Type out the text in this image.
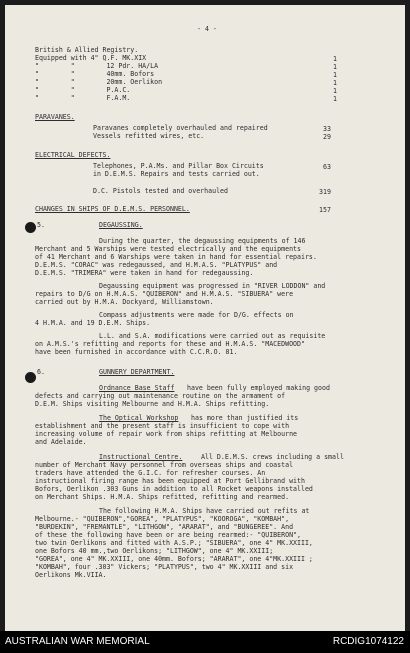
- 4 -
British & Allied Registry.
Equipped with 4" Q.F. MK.XIX	1
"        "        12 Pdr. HA/LA	1
"        "        40mm. Bofors	1
"        "        20mm. Oerlikon	1
"        "        P.A.C.	1
"        "        F.A.M.	1
PARAVANES.
Paravanes completely overhauled and repaired	33
Vessels refitted wires, etc.	29
ELECTRICAL DEFECTS.
Telephones, P.A.Ms. and Pillar Box Circuits	63
in D.E.M.S. Repairs and tests carried out.
D.C. Pistols tested and overhauled	319
CHANGES IN SHIPS OF D.E.M.S. PERSONNEL.	157
5.	DEGAUSSING.
During the quarter, the degaussing equipments of 146
Merchant and 5 Warships were tested electrically and the equipments
of 41 Merchant and 6 Warships were taken in hand for essential repairs.
D.E.M.S. "CORAC" was redegaussed, and H.M.A.S. "PLATYPUS" and
D.E.M.S. "TRIMERA" were taken in hand for redegaussing.
Degaussing equipment was progressed in "RIVER LODDON" and
repairs to D/G on H.M.A.S. "QUIBERON" and H.M.A.S. "SIBUERA" were
carried out by H.M.A. Dockyard, Williamstown.
Compass adjustments were made for D/G. effects on
4 H.M.A. and 19 D.E.M. Ships.
L.L. and S.A. modifications were carried out as requisite
on A.M.S.'s refitting and reports for these and H.M.A.S. "MACEDWOOD"
have been furnished in accordance with C.C.R.O. 81.
6.	GUNNERY DEPARTMENT.
Ordnance Base Staff have been fully employed making good
defects and carrying out maintenance routine on the armament of
D.E.M. Ships visiting Melbourne and H.M.A. Ships refitting.
The Optical Workshop has more than justified its
establishment and the present staff is insufficient to cope with
increasing volume of repair work from ships refitting at Melbourne
and Adelaide.
Instructional Centre.	All D.E.M.S. crews including a small
number of Merchant Navy personnel from overseas ships and coastal
traders have attended the G.I.C. for refresher courses. An
instructional firing range has been equipped at Port Gellibrand with
Bofors, Oerlikon .303 Guns in addition to all Rocket weapons installed
on Merchant Ships. H.M.A. Ships refitted, refitting and rearmed.
The following H.M.A. Ships have carried out refits at
Melbourne.- "QUIBERON","GOREA", "PLATYPUS", "KOOROGA", "KOMBAH",
"BURDEKIN", "FREMANTLE", "LITHGOW", "ARARAT", and "BUNGEREE". And
of these the following have been or are being rearmed:- "QUIBERON",
two twin Oerlikons and fitted with A.S.P.; "SIBUERA", one 4" MK.XXIII,
one Bofors 40 mm.,two Oerlikons; "LITHGOW", one 4" MK.XXIII;
"GOREA", one 4" MK.XXIII, one 40mm. Bofors; "ARARAT", one 4"MK.XXIII ;
"KOMBAH", four .303" Vickers; "PLATYPUS", two 4" MK.XXIII and six
Oerlikons Mk.VIIA.
AUSTRALIAN WAR MEMORIAL	RCDIG1074122
